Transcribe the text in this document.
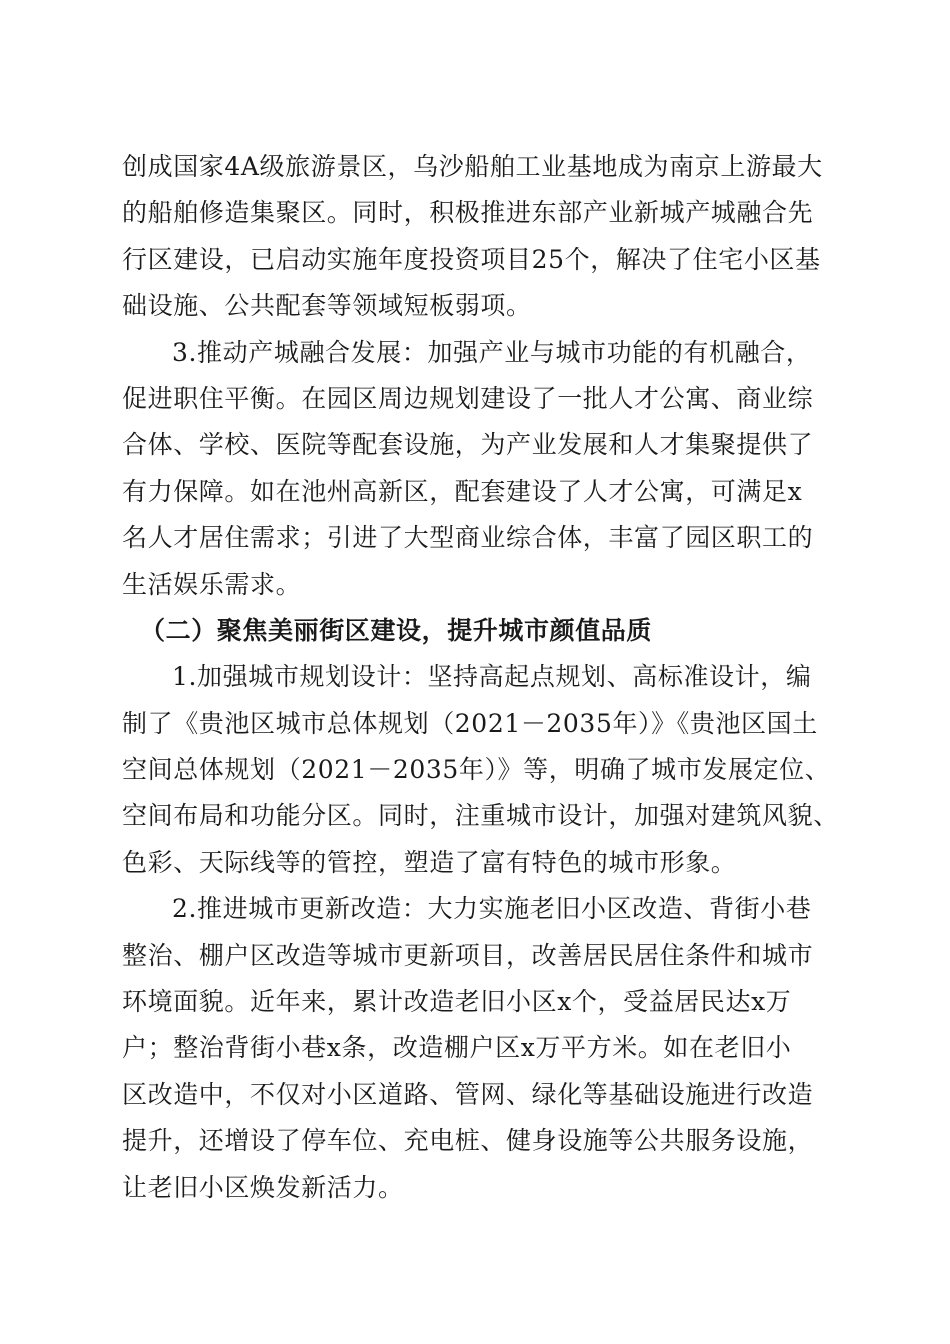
创成国家4A级旅游景区，乌沙船舶工业基地成为南京上游最大
的船舶修造集聚区。同时，积极推进东部产业新城产城融合先
行区建设，已启动实施年度投资项目25个，解决了住宅小区基
础设施、公共配套等领域短板弱项。
3.推动产城融合发展：加强产业与城市功能的有机融合，
促进职住平衡。在园区周边规划建设了一批人才公寓、商业综
合体、学校、医院等配套设施，为产业发展和人才集聚提供了
有力保障。如在池州高新区，配套建设了人才公寓，可满足x
名人才居住需求；引进了大型商业综合体，丰富了园区职工的
生活娱乐需求。
（二）聚焦美丽街区建设，提升城市颜值品质
1.加强城市规划设计：坚持高起点规划、高标准设计，编
制了《贵池区城市总体规划（2021－2035年）》《贵池区国土
空间总体规划（2021－2035年）》等，明确了城市发展定位、
空间布局和功能分区。同时，注重城市设计，加强对建筑风貌、
色彩、天际线等的管控，塑造了富有特色的城市形象。
2.推进城市更新改造：大力实施老旧小区改造、背街小巷
整治、棚户区改造等城市更新项目，改善居民居住条件和城市
环境面貌。近年来，累计改造老旧小区x个，受益居民达x万
户；整治背街小巷x条，改造棚户区x万平方米。如在老旧小
区改造中，不仅对小区道路、管网、绿化等基础设施进行改造
提升，还增设了停车位、充电桩、健身设施等公共服务设施，
让老旧小区焕发新活力。
